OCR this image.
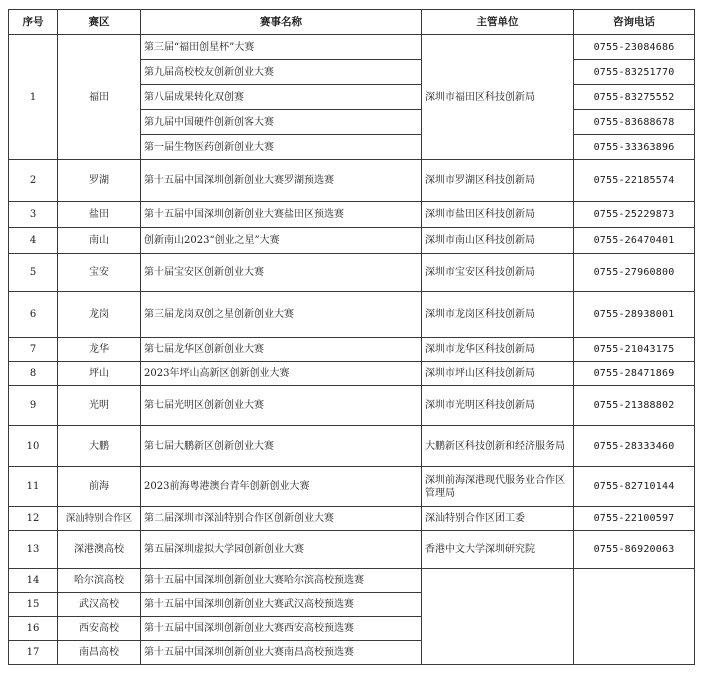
序号	赛区	赛事名称	主管单位	咨询电话
1	福田	第三届“福田创星杯”大赛	深圳市福田区科技创新局	0755-23084686
		第九届高校校友创新创业大赛		0755-83251770
		第八届成果转化双创赛		0755-83275552
		第九届中国硬件创新创客大赛		0755-83688678
		第一届生物医药创新创业大赛		0755-33363896
2	罗湖	第十五届中国深圳创新创业大赛罗湖预选赛	深圳市罗湖区科技创新局	0755-22185574
3	盐田	第十五届中国深圳创新创业大赛盐田区预选赛	深圳市盐田区科技创新局	0755-25229873
4	南山	创新南山2023“创业之星”大赛	深圳市南山区科技创新局	0755-26470401
5	宝安	第十届宝安区创新创业大赛	深圳市宝安区科技创新局	0755-27960800
6	龙岗	第三届龙岗双创之星创新创业大赛	深圳市龙岗区科技创新局	0755-28938001
7	龙华	第七届龙华区创新创业大赛	深圳市龙华区科技创新局	0755-21043175
8	坪山	2023年坪山高新区创新创业大赛	深圳市坪山区科技创新局	0755-28471869
9	光明	第七届光明区创新创业大赛	深圳市光明区科技创新局	0755-21388802
10	大鹏	第七届大鹏新区创新创业大赛	大鹏新区科技创新和经济服务局	0755-28333460
11	前海	2023前海粤港澳台青年创新创业大赛	深圳前海深港现代服务业合作区管理局	0755-82710144
12	深汕特别合作区	第二届深圳市深汕特别合作区创新创业大赛	深汕特别合作区团工委	0755-22100597
13	深港澳高校	第五届深圳虚拟大学园创新创业大赛	香港中文大学深圳研究院	0755-86920063
14	哈尔滨高校	第十五届中国深圳创新创业大赛哈尔滨高校预选赛		
15	武汉高校	第十五届中国深圳创新创业大赛武汉高校预选赛		
16	西安高校	第十五届中国深圳创新创业大赛西安高校预选赛		
17	南昌高校	第十五届中国深圳创新创业大赛南昌高校预选赛		
